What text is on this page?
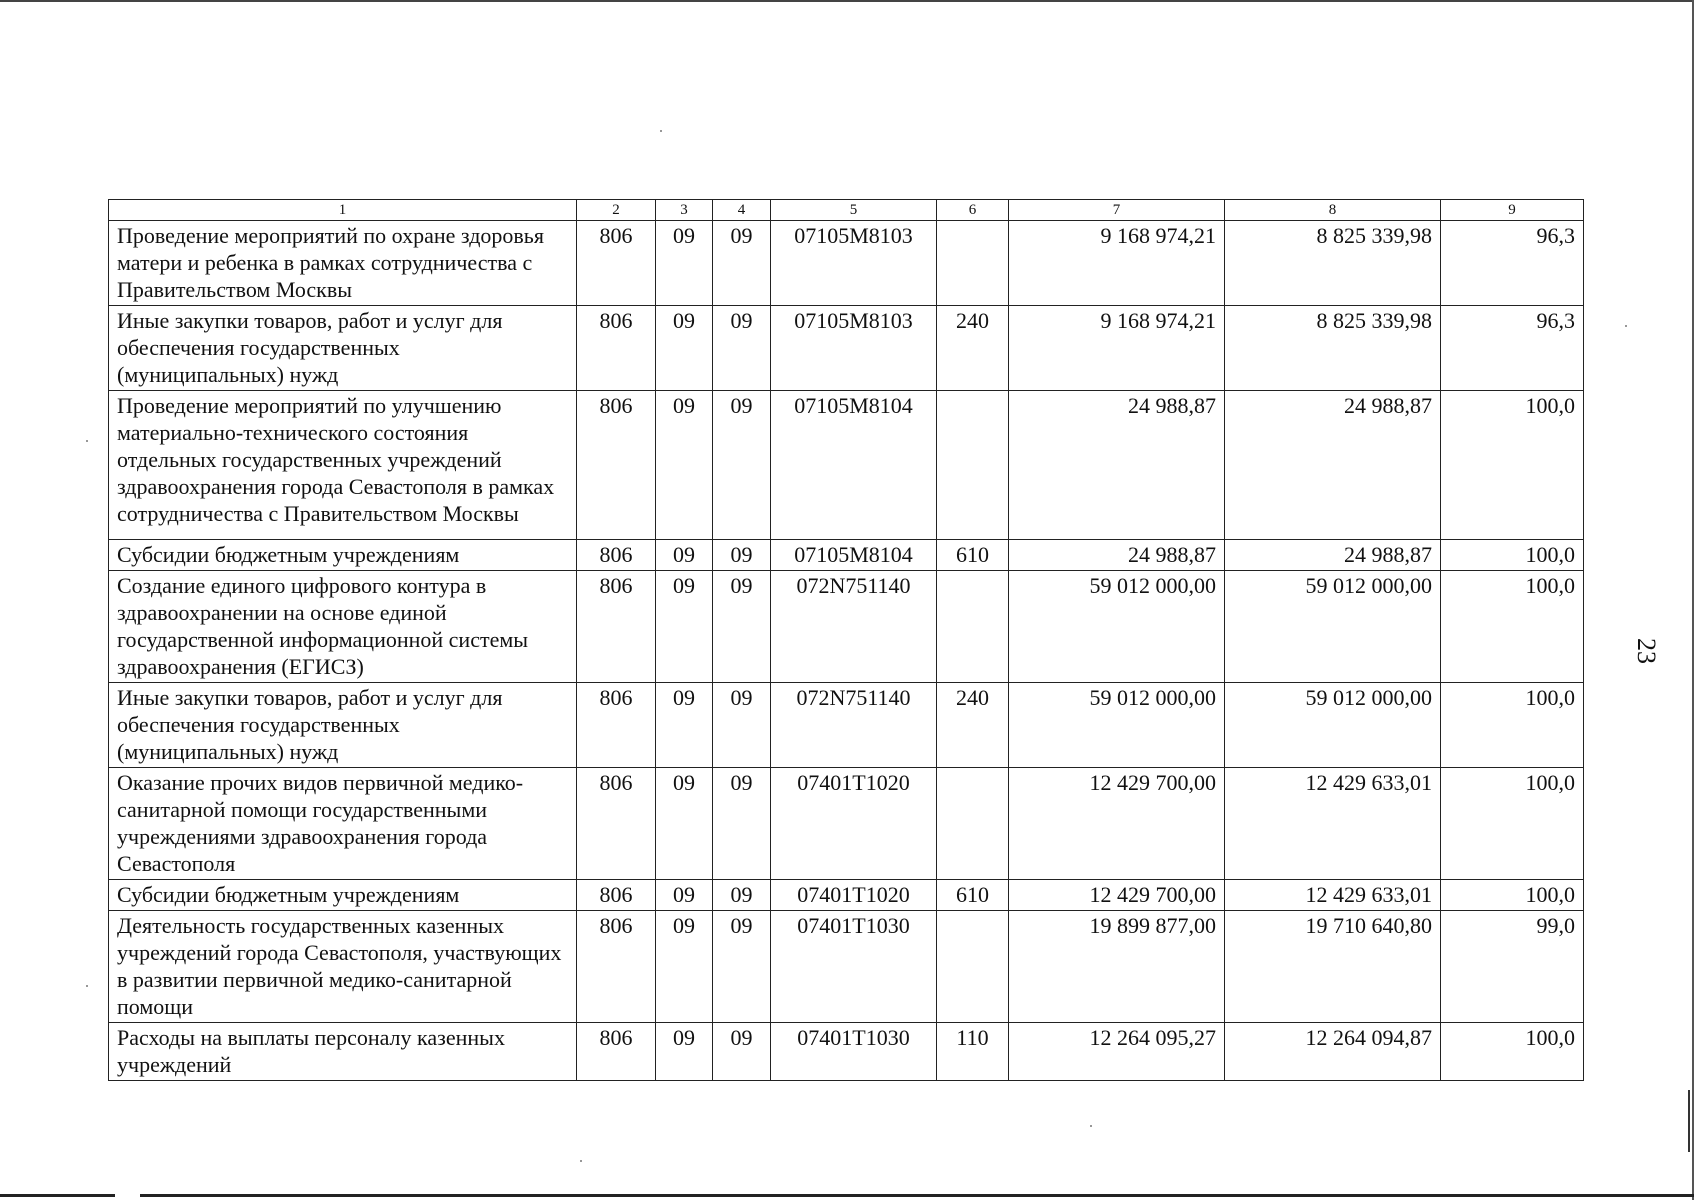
23
1	2	3	4	5	6	7	8	9
Проведение мероприятий по охране здоровья матери и ребенка в рамках сотрудничества с Правительством Москвы	806	09	09	07105М8103		9 168 974,21	8 825 339,98	96,3
Иные закупки товаров, работ и услуг для обеспечения государственных (муниципальных) нужд	806	09	09	07105М8103	240	9 168 974,21	8 825 339,98	96,3
Проведение мероприятий по улучшению материально-технического состояния отдельных государственных учреждений здравоохранения города Севастополя в рамках сотрудничества с Правительством Москвы	806	09	09	07105М8104		24 988,87	24 988,87	100,0
Субсидии бюджетным учреждениям	806	09	09	07105М8104	610	24 988,87	24 988,87	100,0
Создание единого цифрового контура в здравоохранении на основе единой государственной информационной системы здравоохранения (ЕГИСЗ)	806	09	09	072N751140		59 012 000,00	59 012 000,00	100,0
Иные закупки товаров, работ и услуг для обеспечения государственных (муниципальных) нужд	806	09	09	072N751140	240	59 012 000,00	59 012 000,00	100,0
Оказание прочих видов первичной медико-санитарной помощи государственными учреждениями здравоохранения города Севастополя	806	09	09	07401Т1020		12 429 700,00	12 429 633,01	100,0
Субсидии бюджетным учреждениям	806	09	09	07401Т1020	610	12 429 700,00	12 429 633,01	100,0
Деятельность государственных казенных учреждений города Севастополя, участвующих в развитии первичной медико-санитарной помощи	806	09	09	07401Т1030		19 899 877,00	19 710 640,80	99,0
Расходы на выплаты персоналу казенных учреждений	806	09	09	07401Т1030	110	12 264 095,27	12 264 094,87	100,0
